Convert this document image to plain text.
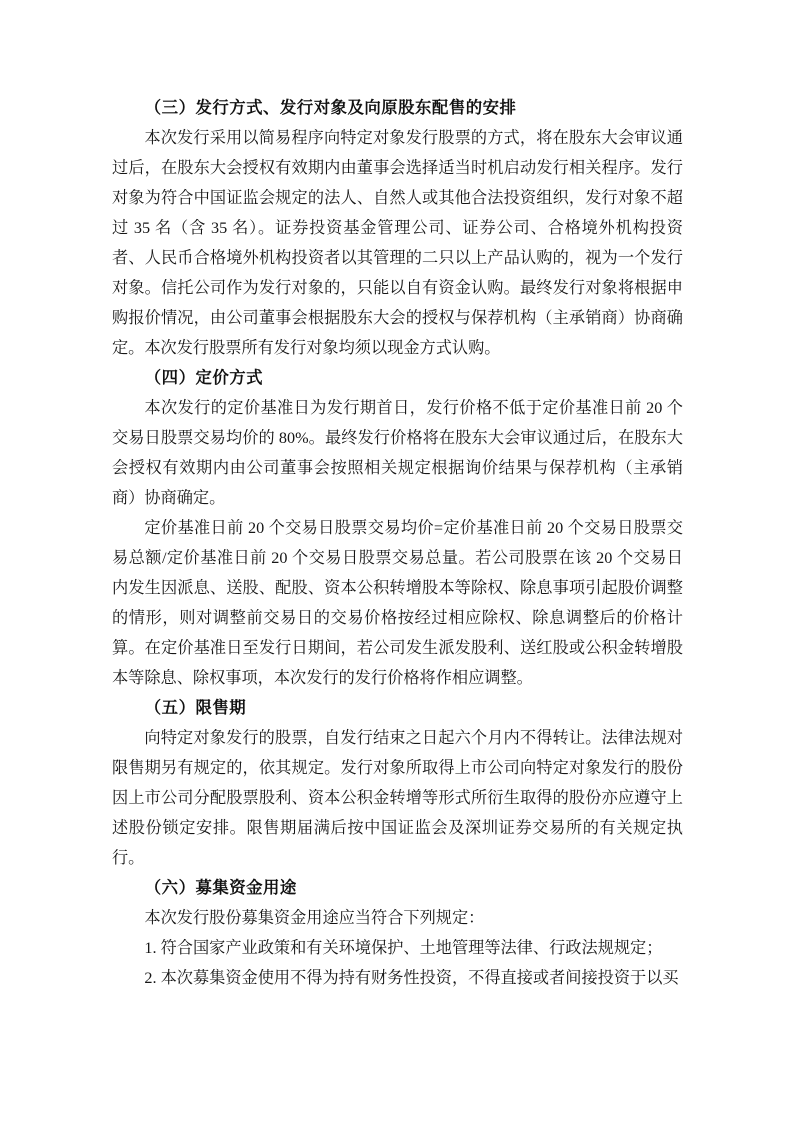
（三）发行方式、发行对象及向原股东配售的安排

本次发行采用以简易程序向特定对象发行股票的方式，将在股东大会审议通过后，在股东大会授权有效期内由董事会选择适当时机启动发行相关程序。发行对象为符合中国证监会规定的法人、自然人或其他合法投资组织，发行对象不超过 35 名（含 35 名）。证券投资基金管理公司、证券公司、合格境外机构投资者、人民币合格境外机构投资者以其管理的二只以上产品认购的，视为一个发行对象。信托公司作为发行对象的，只能以自有资金认购。最终发行对象将根据申购报价情况，由公司董事会根据股东大会的授权与保荐机构（主承销商）协商确定。本次发行股票所有发行对象均须以现金方式认购。

（四）定价方式

本次发行的定价基准日为发行期首日，发行价格不低于定价基准日前 20 个交易日股票交易均价的 80%。最终发行价格将在股东大会审议通过后，在股东大会授权有效期内由公司董事会按照相关规定根据询价结果与保荐机构（主承销商）协商确定。

定价基准日前 20 个交易日股票交易均价=定价基准日前 20 个交易日股票交易总额/定价基准日前 20 个交易日股票交易总量。若公司股票在该 20 个交易日内发生因派息、送股、配股、资本公积转增股本等除权、除息事项引起股价调整的情形，则对调整前交易日的交易价格按经过相应除权、除息调整后的价格计算。在定价基准日至发行日期间，若公司发生派发股利、送红股或公积金转增股本等除息、除权事项，本次发行的发行价格将作相应调整。

（五）限售期

向特定对象发行的股票，自发行结束之日起六个月内不得转让。法律法规对限售期另有规定的，依其规定。发行对象所取得上市公司向特定对象发行的股份因上市公司分配股票股利、资本公积金转增等形式所衍生取得的股份亦应遵守上述股份锁定安排。限售期届满后按中国证监会及深圳证券交易所的有关规定执行。

（六）募集资金用途

本次发行股份募集资金用途应当符合下列规定：

1. 符合国家产业政策和有关环境保护、土地管理等法律、行政法规规定；

2. 本次募集资金使用不得为持有财务性投资，不得直接或者间接投资于以买
